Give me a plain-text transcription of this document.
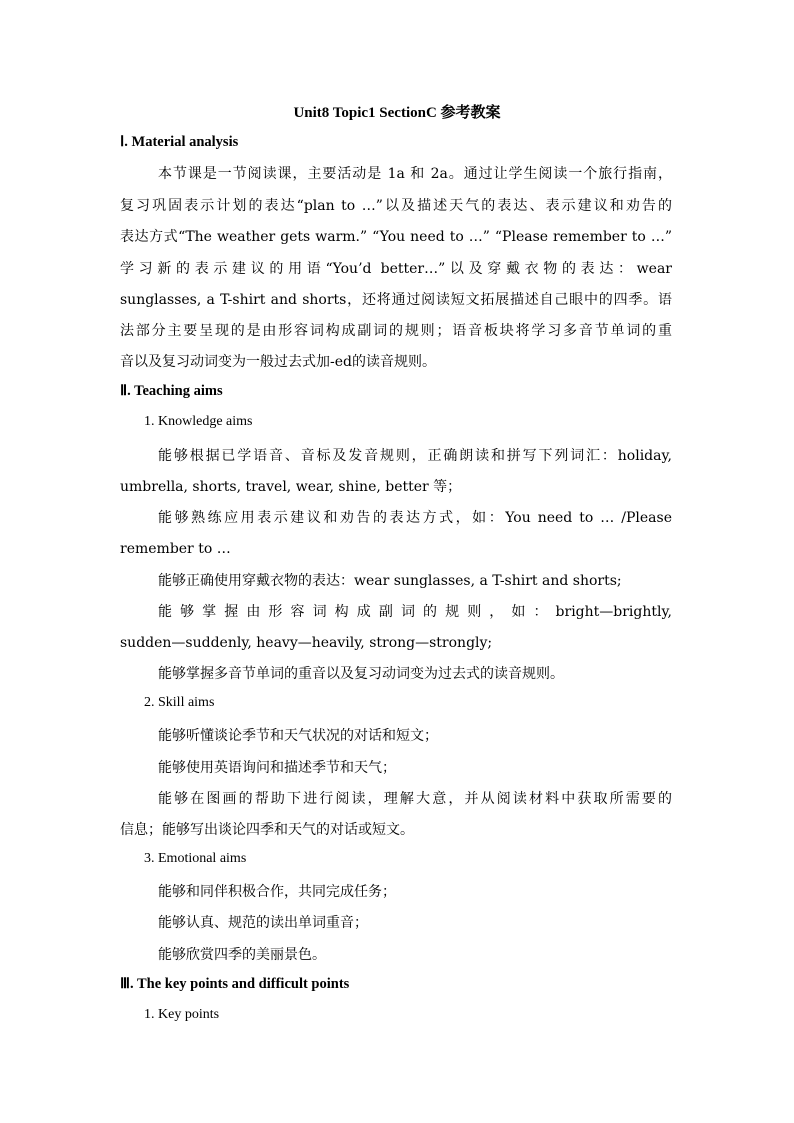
Unit8 Topic1 SectionC 参考教案
Ⅰ. Material analysis
本节课是一节阅读课，主要活动是 1a 和 2a。通过让学生阅读一个旅行指南，
复习巩固表示计划的表达“plan to …”以及描述天气的表达、表示建议和劝告的
表达方式“The weather gets warm.” “You need to …” “Please remember to …”
学习新的表示建议的用语“You’d better…”以及穿戴衣物的表达：wear
sunglasses, a T-shirt and shorts，还将通过阅读短文拓展描述自己眼中的四季。语
法部分主要呈现的是由形容词构成副词的规则；语音板块将学习多音节单词的重
音以及复习动词变为一般过去式加-ed的读音规则。
Ⅱ. Teaching aims
1. Knowledge aims
能够根据已学语音、音标及发音规则，正确朗读和拼写下列词汇：holiday,
umbrella, shorts, travel, wear, shine, better 等；
能够熟练应用表示建议和劝告的表达方式，如：You need to … /Please
remember to …
能够正确使用穿戴衣物的表达：wear sunglasses, a T-shirt and shorts;
能够掌握由形容词构成副词的规则，如：bright—brightly,
sudden—suddenly, heavy—heavily, strong—strongly;
能够掌握多音节单词的重音以及复习动词变为过去式的读音规则。
2. Skill aims
能够听懂谈论季节和天气状况的对话和短文；
能够使用英语询问和描述季节和天气；
能够在图画的帮助下进行阅读，理解大意，并从阅读材料中获取所需要的
信息；能够写出谈论四季和天气的对话或短文。
3. Emotional aims
能够和同伴积极合作，共同完成任务；
能够认真、规范的读出单词重音；
能够欣赏四季的美丽景色。
Ⅲ. The key points and difficult points
1. Key points
